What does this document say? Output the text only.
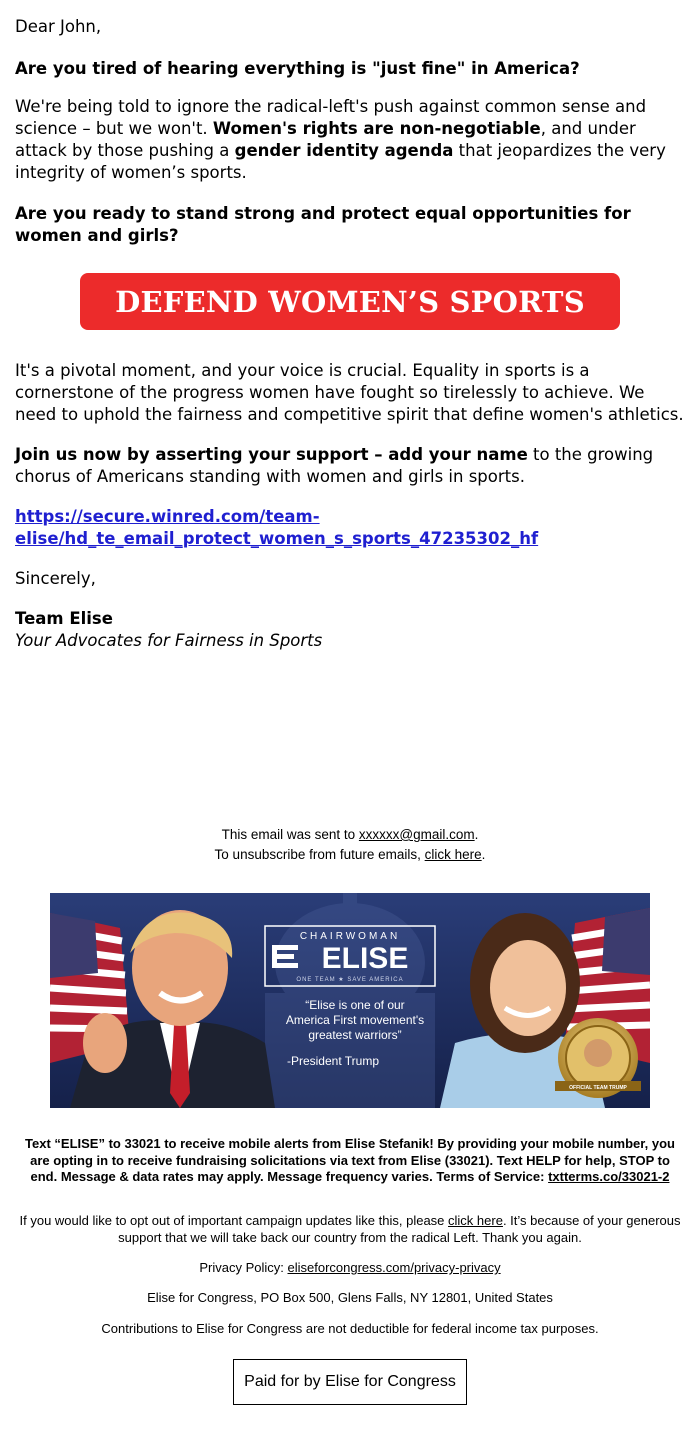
Dear John,

Are you tired of hearing everything is "just fine" in America?

We're being told to ignore the radical-left's push against common sense and science – but we won't. Women's rights are non-negotiable, and under attack by those pushing a gender identity agenda that jeopardizes the very integrity of women’s sports.

Are you ready to stand strong and protect equal opportunities for women and girls?

DEFEND WOMEN’S SPORTS

It's a pivotal moment, and your voice is crucial. Equality in sports is a cornerstone of the progress women have fought so tirelessly to achieve. We need to uphold the fairness and competitive spirit that define women's athletics.

Join us now by asserting your support – add your name to the growing chorus of Americans standing with women and girls in sports.

https://secure.winred.com/team-
elise/hd_te_email_protect_women_s_sports_47235302_hf

Sincerely,

Team Elise

Your Advocates for Fairness in Sports

This email was sent to xxxxxx@gmail.com.
To unsubscribe from future emails, click here.
CHAIRWOMAN
ELISE
ONE TEAM ★ SAVE AMERICA
“Elise is one of our
America First movement's
greatest warriors”
-President Trump
OFFICIAL TEAM TRUMP
Text “ELISE” to 33021 to receive mobile alerts from Elise Stefanik! By providing your mobile number, you are opting in to receive fundraising solicitations via text from Elise (33021). Text HELP for help, STOP to end. Message & data rates may apply. Message frequency varies. Terms of Service: txtterms.co/33021-2
If you would like to opt out of important campaign updates like this, please click here. It’s because of your generous support that we will take back our country from the radical Left. Thank you again.
Privacy Policy: eliseforcongress.com/privacy-privacy
Elise for Congress, PO Box 500, Glens Falls, NY 12801, United States
Contributions to Elise for Congress are not deductible for federal income tax purposes.
Paid for by Elise for Congress
